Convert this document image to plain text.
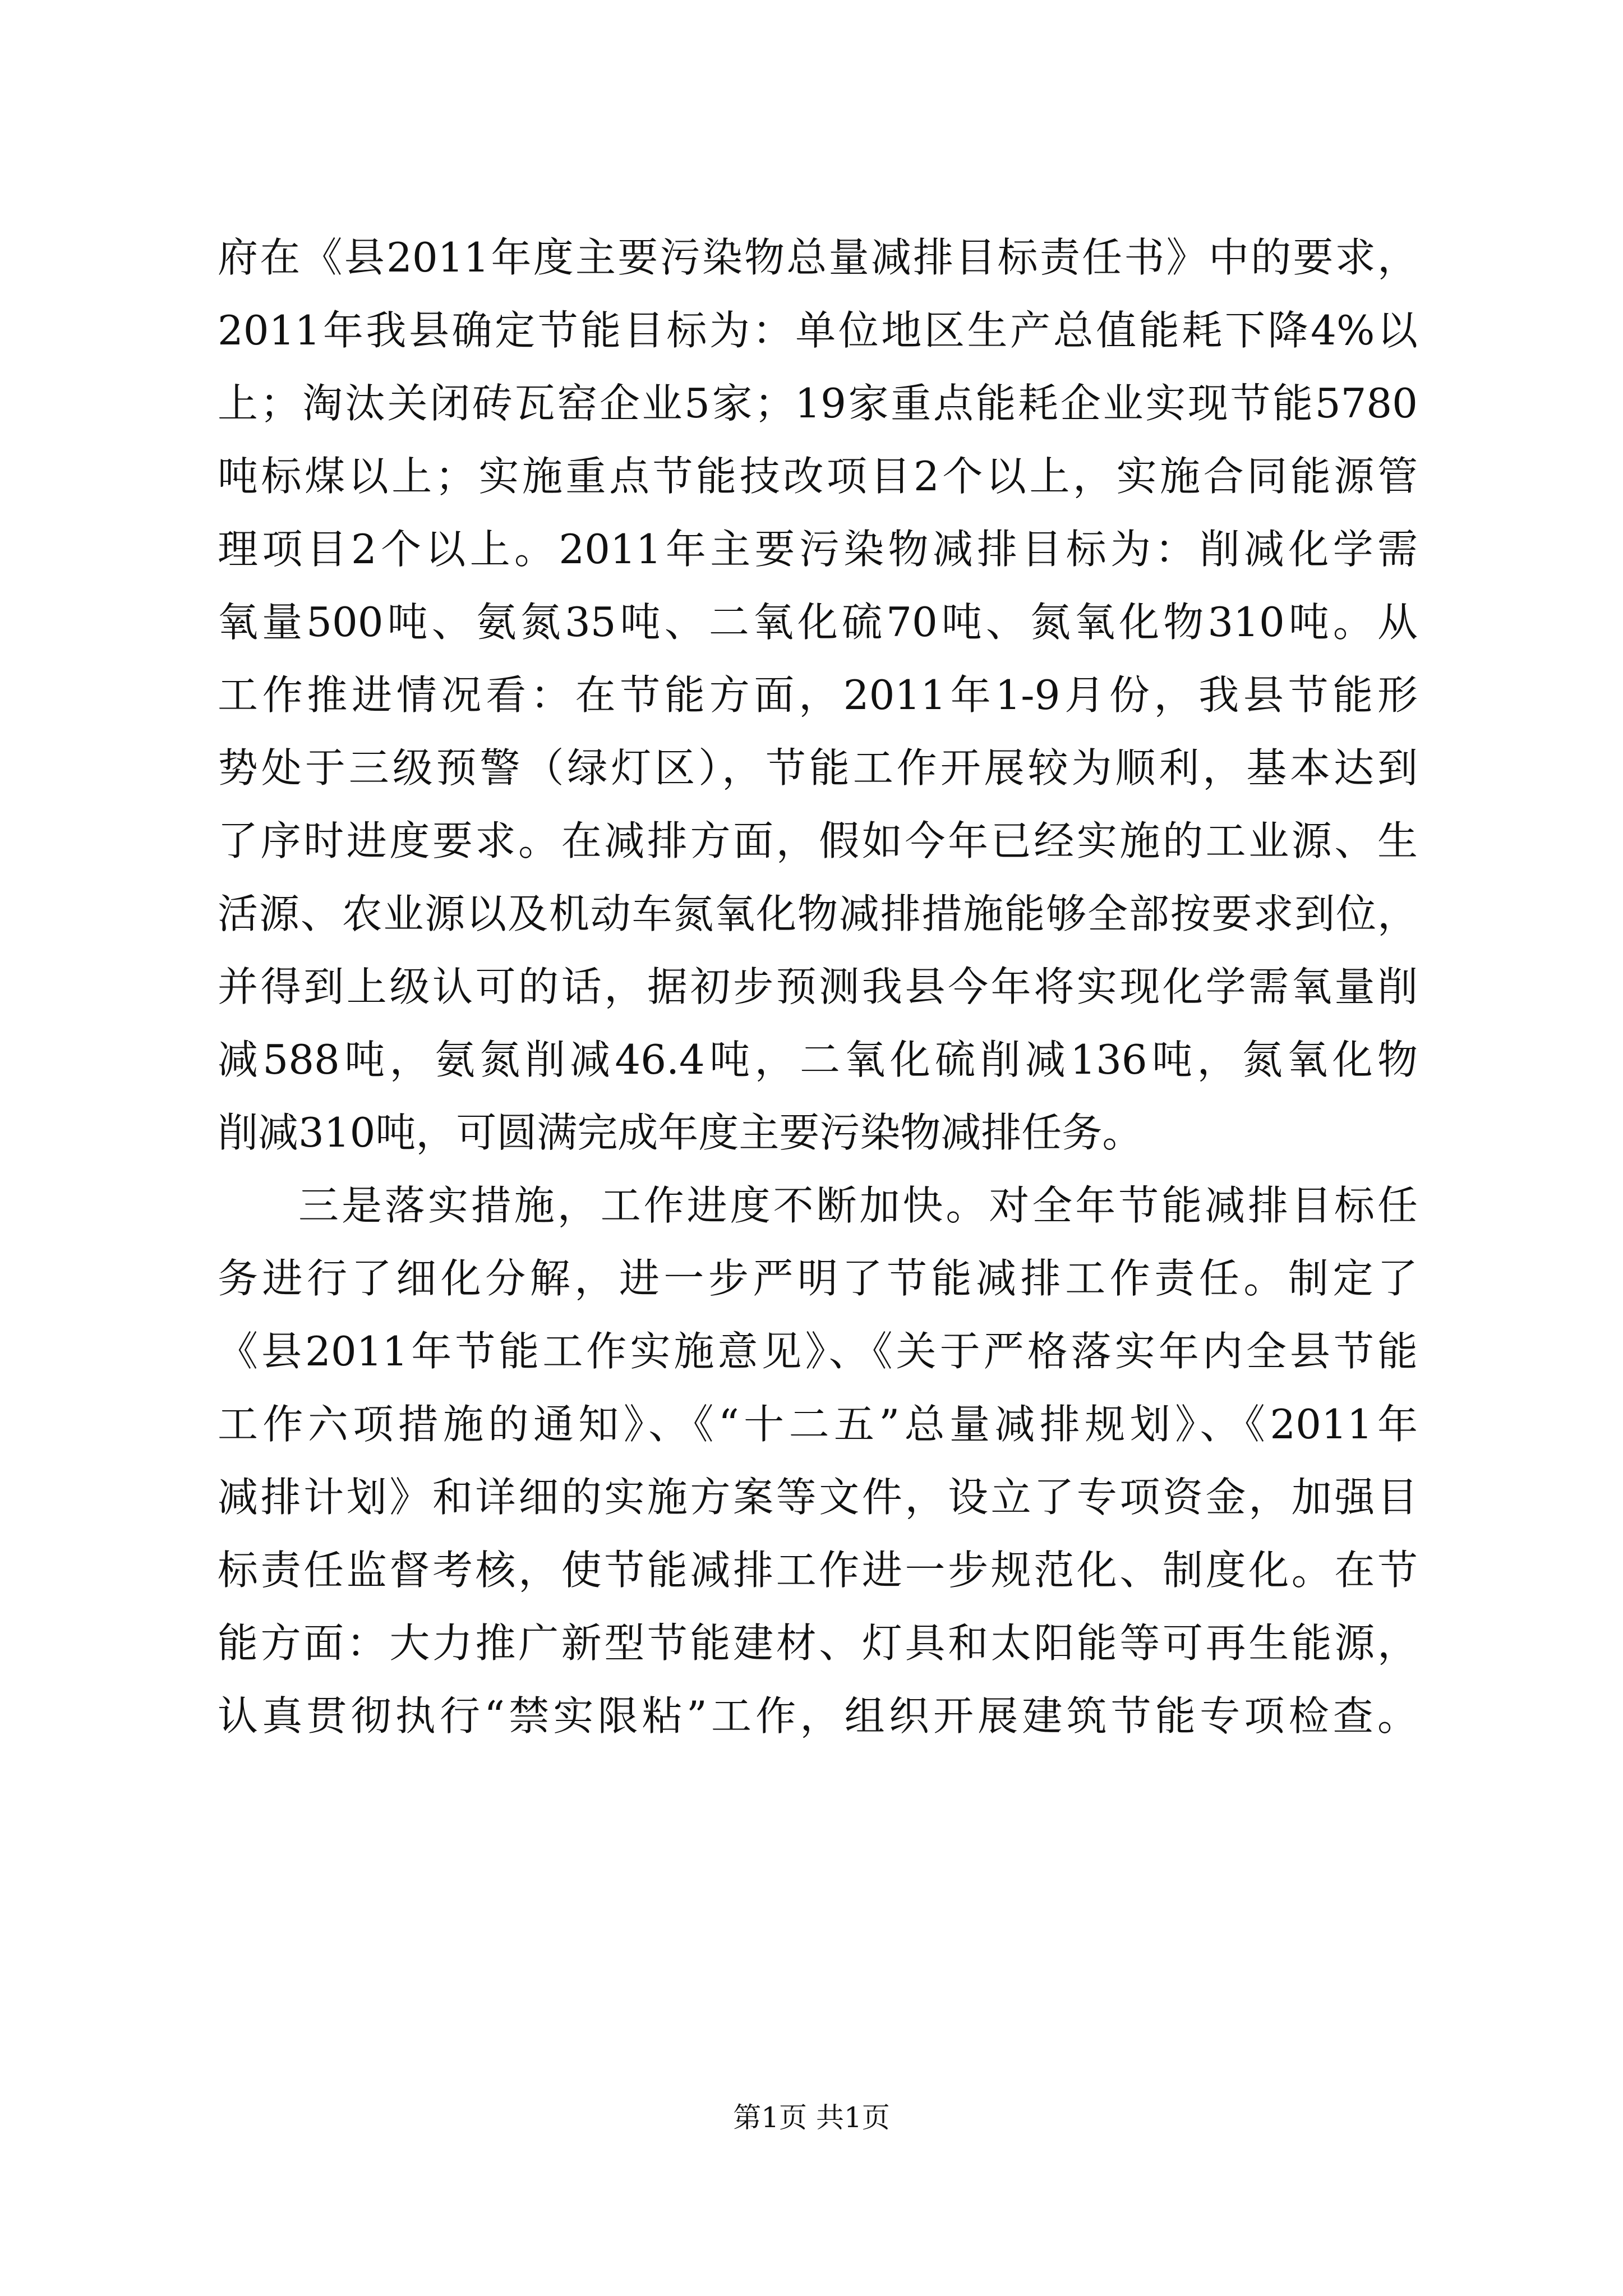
府在《县2011年度主要污染物总量减排目标责任书》中的要求，
2011年我县确定节能目标为：单位地区生产总值能耗下降4%以
上；淘汰关闭砖瓦窑企业5家；19家重点能耗企业实现节能5780
吨标煤以上；实施重点节能技改项目2个以上，实施合同能源管
理项目2个以上。2011年主要污染物减排目标为：削减化学需
氧量500吨、氨氮35吨、二氧化硫70吨、氮氧化物310吨。从
工作推进情况看：在节能方面，2011年1-9月份，我县节能形
势处于三级预警（绿灯区），节能工作开展较为顺利，基本达到
了序时进度要求。在减排方面，假如今年已经实施的工业源、生
活源、农业源以及机动车氮氧化物减排措施能够全部按要求到位，
并得到上级认可的话，据初步预测我县今年将实现化学需氧量削
减588吨，氨氮削减46.4吨，二氧化硫削减136吨，氮氧化物
削减310吨，可圆满完成年度主要污染物减排任务。
三是落实措施，工作进度不断加快。对全年节能减排目标任
务进行了细化分解，进一步严明了节能减排工作责任。制定了
《县2011年节能工作实施意见》、《关于严格落实年内全县节能
工作六项措施的通知》、《“十二五”总量减排规划》、《2011年
减排计划》和详细的实施方案等文件，设立了专项资金，加强目
标责任监督考核，使节能减排工作进一步规范化、制度化。在节
能方面：大力推广新型节能建材、灯具和太阳能等可再生能源，
认真贯彻执行“禁实限粘”工作，组织开展建筑节能专项检查。
第1页 共1页
